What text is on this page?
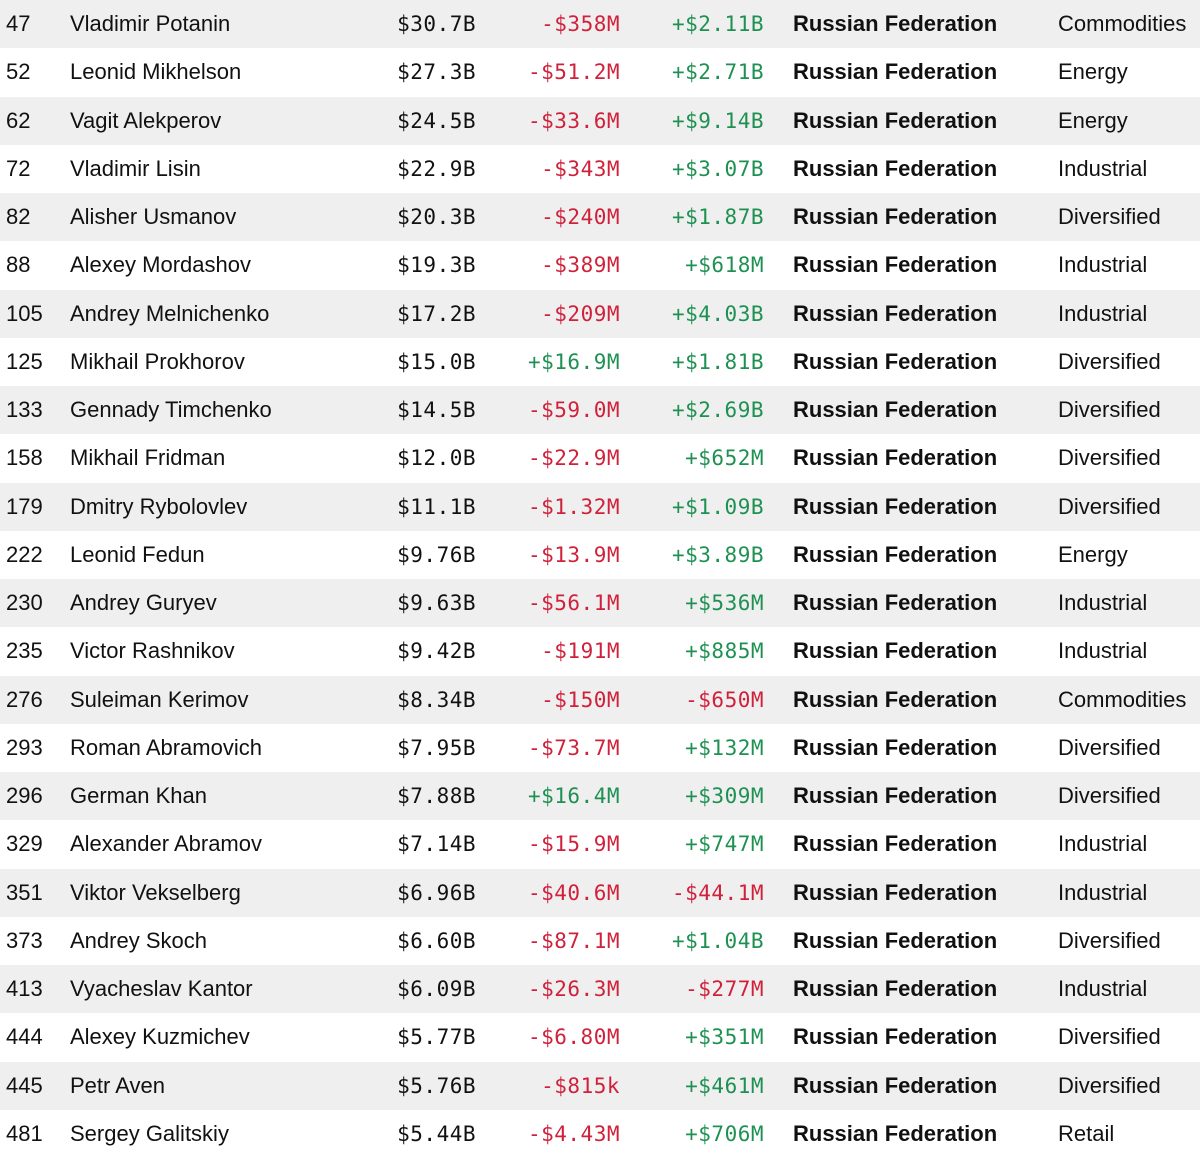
47	Vladimir Potanin	$30.7B	-$358M	+$2.11B Russian Federation	Commodities
52	Leonid Mikhelson	$27.3B	-$51.2M	+$2.71B Russian Federation	Energy
62	Vagit Alekperov	$24.5B	-$33.6M	+$9.14B Russian Federation	Energy
72	Vladimir Lisin	$22.9B	-$343M	+$3.07B Russian Federation	Industrial
82	Alisher Usmanov	$20.3B	-$240M	+$1.87B Russian Federation	Diversified
88	Alexey Mordashov	$19.3B	-$389M	+$618M Russian Federation	Industrial
105	Andrey Melnichenko	$17.2B	-$209M	+$4.03B Russian Federation	Industrial
125	Mikhail Prokhorov	$15.0B	+$16.9M	+$1.81B Russian Federation	Diversified
133	Gennady Timchenko	$14.5B	-$59.0M	+$2.69B Russian Federation	Diversified
158	Mikhail Fridman	$12.0B	-$22.9M	+$652M Russian Federation	Diversified
179	Dmitry Rybolovlev	$11.1B	-$1.32M	+$1.09B Russian Federation	Diversified
222	Leonid Fedun	$9.76B	-$13.9M	+$3.89B Russian Federation	Energy
230	Andrey Guryev	$9.63B	-$56.1M	+$536M Russian Federation	Industrial
235	Victor Rashnikov	$9.42B	-$191M	+$885M Russian Federation	Industrial
276	Suleiman Kerimov	$8.34B	-$150M	-$650M Russian Federation	Commodities
293	Roman Abramovich	$7.95B	-$73.7M	+$132M Russian Federation	Diversified
296	German Khan	$7.88B	+$16.4M	+$309M Russian Federation	Diversified
329	Alexander Abramov	$7.14B	-$15.9M	+$747M Russian Federation	Industrial
351	Viktor Vekselberg	$6.96B	-$40.6M	-$44.1M Russian Federation	Industrial
373	Andrey Skoch	$6.60B	-$87.1M	+$1.04B Russian Federation	Diversified
413	Vyacheslav Kantor	$6.09B	-$26.3M	-$277M Russian Federation	Industrial
444	Alexey Kuzmichev	$5.77B	-$6.80M	+$351M Russian Federation	Diversified
445	Petr Aven	$5.76B	-$815k	+$461M Russian Federation	Diversified
481	Sergey Galitskiy	$5.44B	-$4.43M	+$706M Russian Federation	Retail
